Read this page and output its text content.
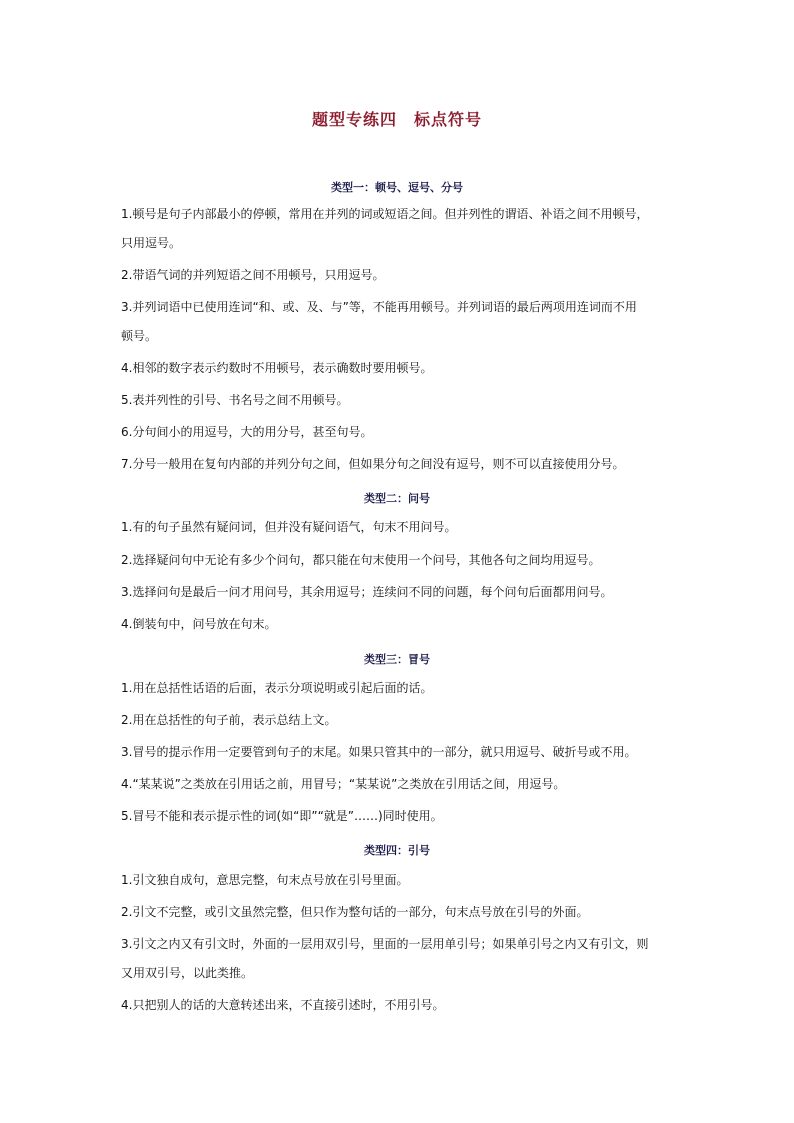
题型专练四　标点符号
类型一：顿号、逗号、分号
1.顿号是句子内部最小的停顿，常用在并列的词或短语之间。但并列性的谓语、补语之间不用顿号，
只用逗号。
2.带语气词的并列短语之间不用顿号，只用逗号。
3.并列词语中已使用连词“和、或、及、与”等，不能再用顿号。并列词语的最后两项用连词而不用
顿号。
4.相邻的数字表示约数时不用顿号，表示确数时要用顿号。
5.表并列性的引号、书名号之间不用顿号。
6.分句间小的用逗号，大的用分号，甚至句号。
7.分号一般用在复句内部的并列分句之间，但如果分句之间没有逗号，则不可以直接使用分号。
类型二：问号
1.有的句子虽然有疑问词，但并没有疑问语气，句末不用问号。
2.选择疑问句中无论有多少个问句，都只能在句末使用一个问号，其他各句之间均用逗号。
3.选择问句是最后一问才用问号，其余用逗号；连续问不同的问题，每个问句后面都用问号。
4.倒装句中，问号放在句末。
类型三：冒号
1.用在总括性话语的后面，表示分项说明或引起后面的话。
2.用在总括性的句子前，表示总结上文。
3.冒号的提示作用一定要管到句子的末尾。如果只管其中的一部分，就只用逗号、破折号或不用。
4.“某某说”之类放在引用话之前，用冒号；“某某说”之类放在引用话之间，用逗号。
5.冒号不能和表示提示性的词(如“即”“就是”……)同时使用。
类型四：引号
1.引文独自成句，意思完整，句末点号放在引号里面。
2.引文不完整，或引文虽然完整，但只作为整句话的一部分，句末点号放在引号的外面。
3.引文之内又有引文时，外面的一层用双引号，里面的一层用单引号；如果单引号之内又有引文，则
又用双引号，以此类推。
4.只把别人的话的大意转述出来，不直接引述时，不用引号。
